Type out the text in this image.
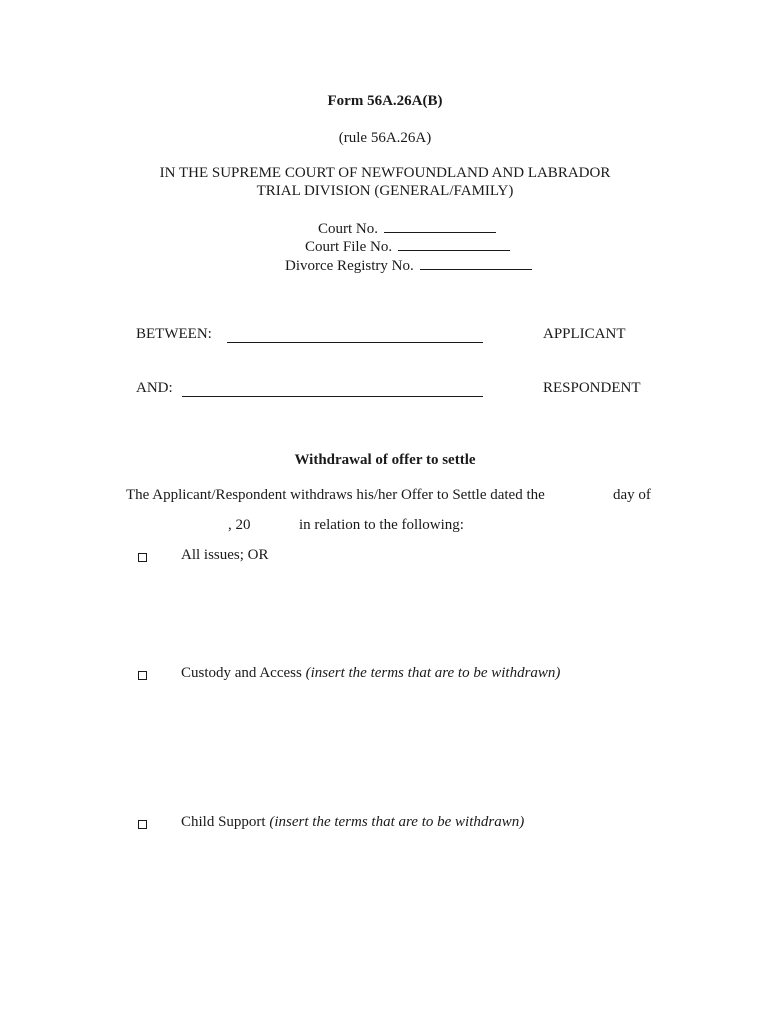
Form 56A.26A(B)
(rule 56A.26A)
IN THE SUPREME COURT OF NEWFOUNDLAND AND LABRADOR
TRIAL DIVISION (GENERAL/FAMILY)
Court No.
Court File No.
Divorce Registry No.
BETWEEN:	APPLICANT
AND:	RESPONDENT
Withdrawal of offer to settle
The Applicant/Respondent withdraws his/her Offer to Settle dated the	day of
, 20	in relation to the following:
All issues; OR
Custody and Access (insert the terms that are to be withdrawn)
Child Support (insert the terms that are to be withdrawn)
